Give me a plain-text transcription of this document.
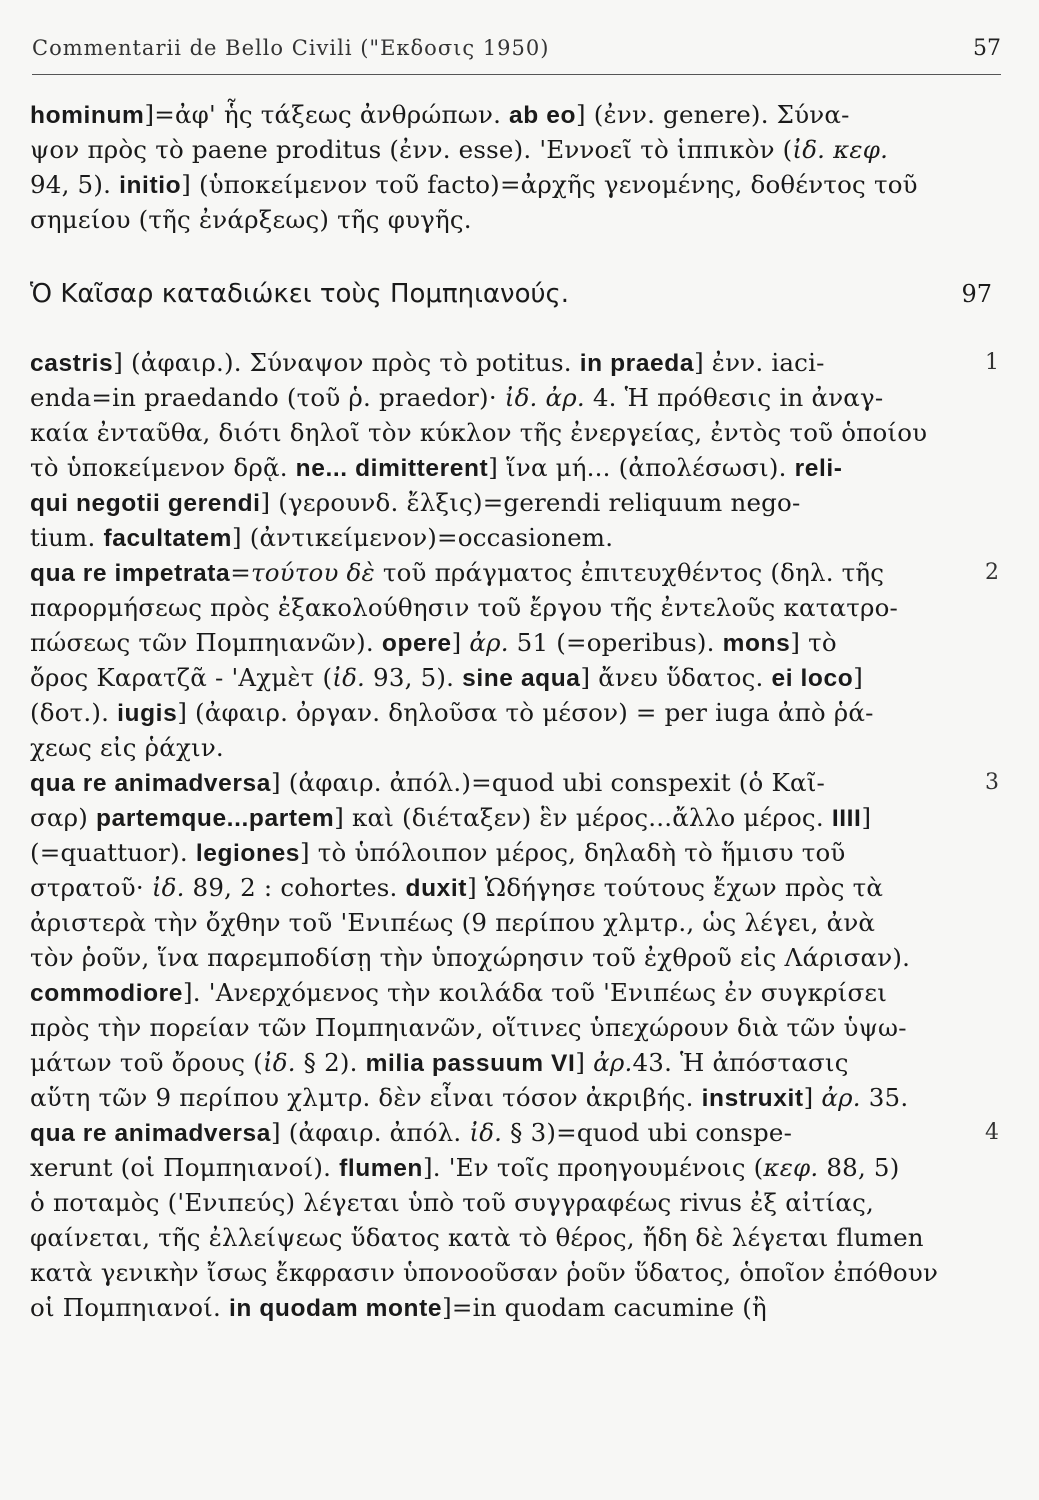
Commentarii de Bello Civili ("Εκδοσις 1950)	57
hominum]=ἀφ' ἧς τάξεως ἀνθρώπων. ab eo] (ἐνν. genere). Σύνα-
ψον πρὸς τὸ paene proditus (ἐνν. esse). 'Εννοεῖ τὸ ἱππικὸν (ἰδ. κεφ.
94, 5). initio] (ὑποκείμενον τοῦ facto)=ἀρχῆς γενομένης, δοθέντος τοῦ
σημείου (τῆς ἐνάρξεως) τῆς φυγῆς.
Ὁ Καῖσαρ καταδιώκει τοὺς Πομπηιανούς.	97
castris] (ἀφαιρ.). Σύναψον πρὸς τὸ potitus. in praeda] ἐνν. iaci-	1
enda=in praedando (τοῦ ῥ. praedor)· ἰδ. ἀρ. 4. Ἡ πρόθεσις in ἀναγ-
καία ἐνταῦθα, διότι δηλοῖ τὸν κύκλον τῆς ἐνεργείας, ἐντὸς τοῦ ὁποίου
τὸ ὑποκείμενον δρᾷ. ne... dimitterent] ἵνα μή... (ἀπολέσωσι). reli-
qui negotii gerendi] (γερουνδ. ἔλξις)=gerendi reliquum nego-
tium. facultatem] (ἀντικείμενον)=occasionem.
qua re impetrata=τούτου δὲ τοῦ πράγματος ἐπιτευχθέντος (δηλ. τῆς	2
παρορμήσεως πρὸς ἐξακολούθησιν τοῦ ἔργου τῆς ἐντελοῦς κατατρο-
πώσεως τῶν Πομπηιανῶν). opere] ἀρ. 51 (=operibus). mons] τὸ
ὄρος Καρατζᾶ - 'Αχμὲτ (ἰδ. 93, 5). sine aqua] ἄνευ ὕδατος. ei loco]
(δοτ.). iugis] (ἀφαιρ. ὀργαν. δηλοῦσα τὸ μέσον) = per iuga ἀπὸ ῥά-
χεως εἰς ῥάχιν.
qua re animadversa] (ἀφαιρ. ἀπόλ.)=quod ubi conspexit (ὁ Καῖ-	3
σαρ) partemque...partem] καὶ (διέταξεν) ἓν μέρος...ἄλλο μέρος. IIII]
(=quattuor). legiones] τὸ ὑπόλοιπον μέρος, δηλαδὴ τὸ ἥμισυ τοῦ
στρατοῦ· ἰδ. 89, 2 : cohortes. duxit] Ὡδήγησε τούτους ἔχων πρὸς τὰ
ἀριστερὰ τὴν ὄχθην τοῦ 'Ενιπέως (9 περίπου χλμτρ., ὡς λέγει, ἀνὰ
τὸν ῥοῦν, ἵνα παρεμποδίσῃ τὴν ὑποχώρησιν τοῦ ἐχθροῦ εἰς Λάρισαν).
commodiore]. 'Ανερχόμενος τὴν κοιλάδα τοῦ 'Ενιπέως ἐν συγκρίσει
πρὸς τὴν πορείαν τῶν Πομπηιανῶν, οἵτινες ὑπεχώρουν διὰ τῶν ὑψω-
μάτων τοῦ ὄρους (ἰδ. § 2). milia passuum VI] ἀρ.43. Ἡ ἀπόστασις
αὕτη τῶν 9 περίπου χλμτρ. δὲν εἶναι τόσον ἀκριβής. instruxit] ἀρ. 35.
qua re animadversa] (ἀφαιρ. ἀπόλ. ἰδ. § 3)=quod ubi conspe-	4
xerunt (οἱ Πομπηιανοί). flumen]. 'Εν τοῖς προηγουμένοις (κεφ. 88, 5)
ὁ ποταμὸς ('Ενιπεύς) λέγεται ὑπὸ τοῦ συγγραφέως rivus ἐξ αἰτίας,
φαίνεται, τῆς ἐλλείψεως ὕδατος κατὰ τὸ θέρος, ἤδη δὲ λέγεται flumen
κατὰ γενικὴν ἴσως ἔκφρασιν ὑπονοοῦσαν ῥοῦν ὕδατος, ὁποῖον ἐπόθουν
οἱ Πομπηιανοί. in quodam monte]=in quodam cacumine (ἢ
